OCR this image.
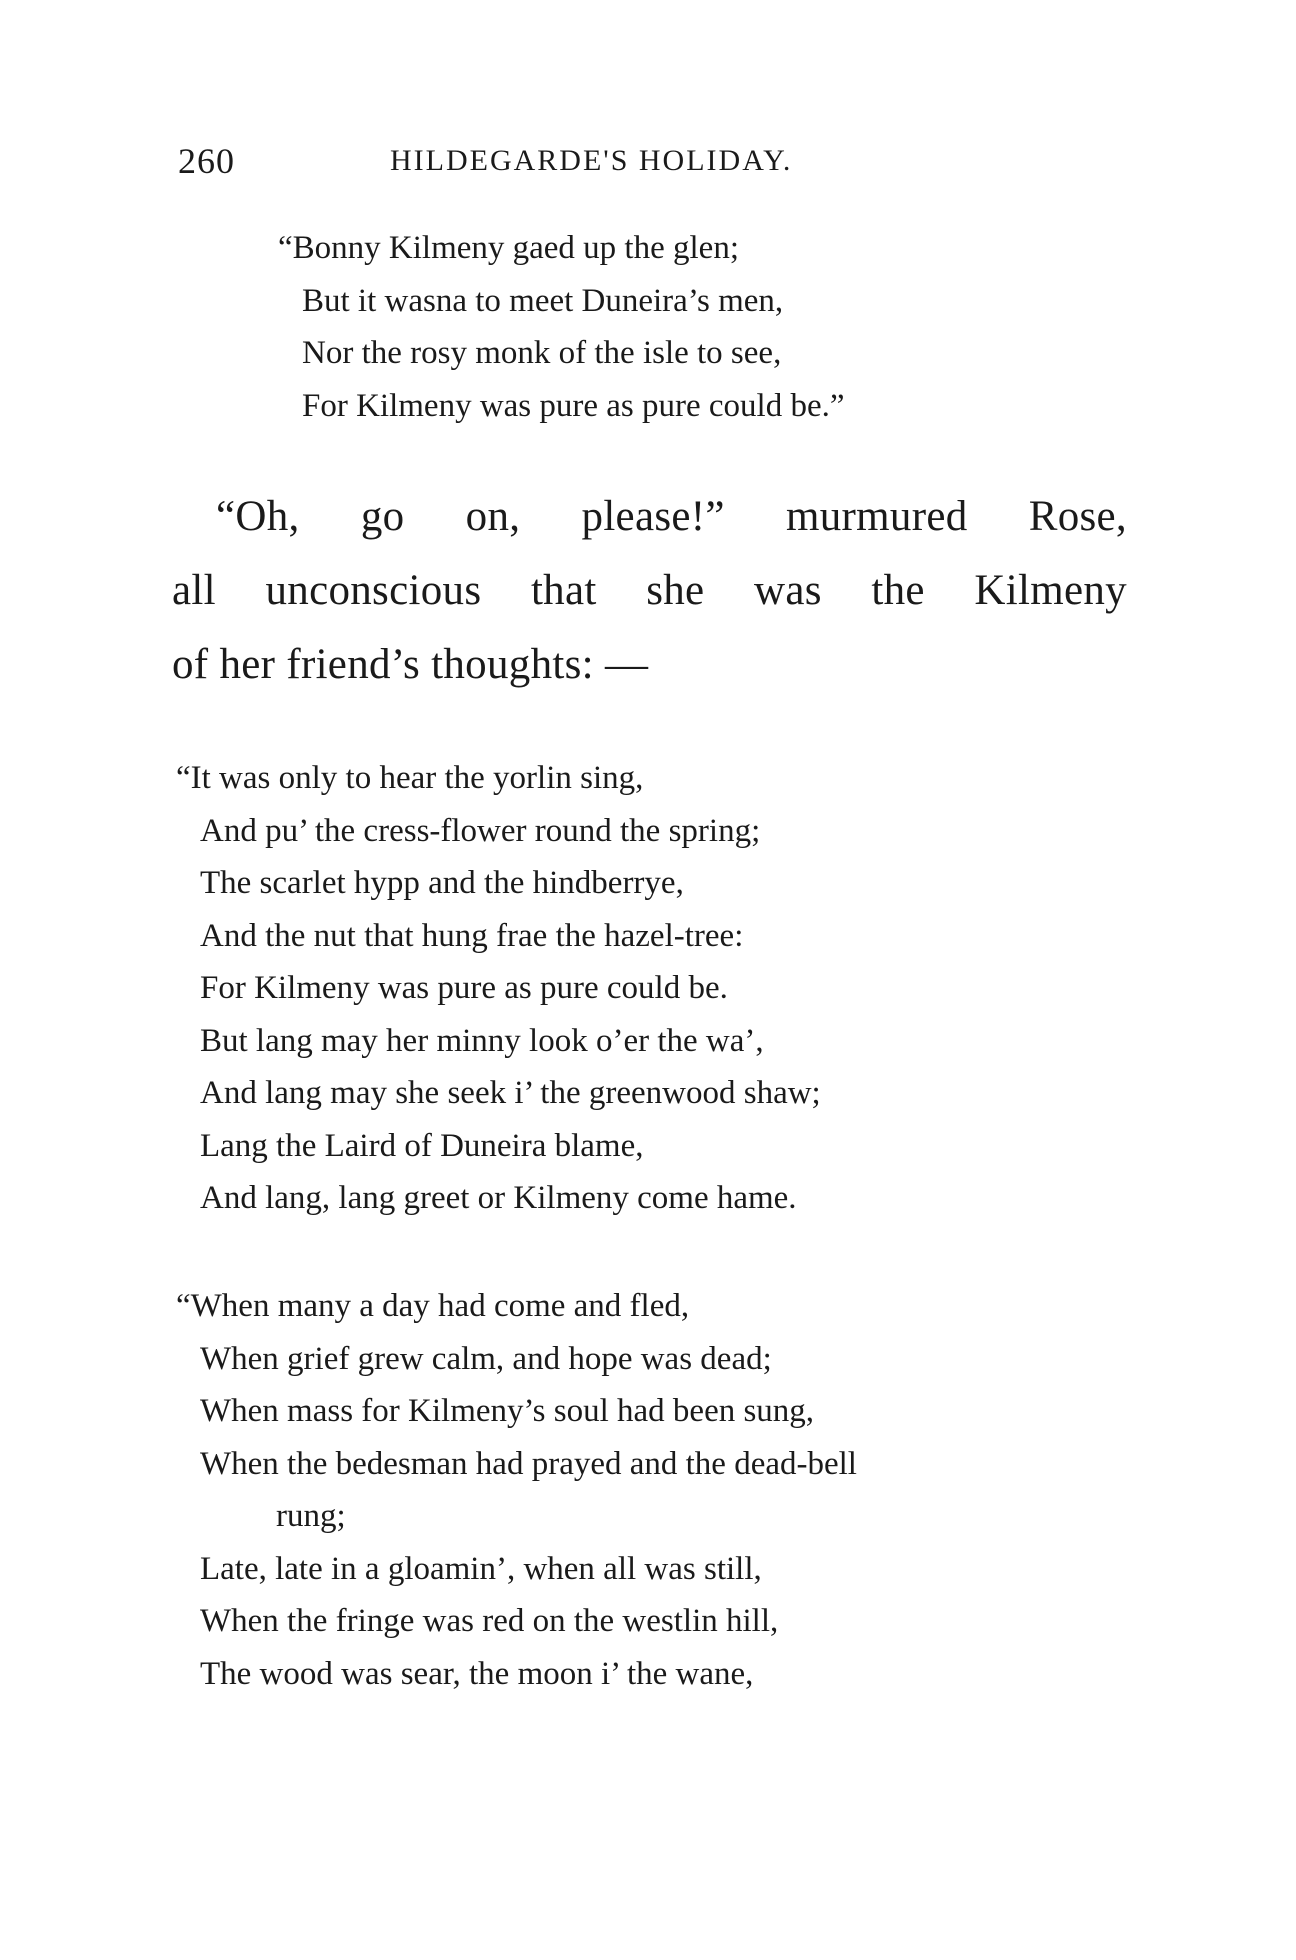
260	HILDEGARDE'S HOLIDAY.
“Bonny Kilmeny gaed up the glen;
But it wasna to meet Duneira’s men,
Nor the rosy monk of the isle to see,
For Kilmeny was pure as pure could be.”
“Oh, go on, please!” murmured Rose,
all unconscious that she was the Kilmeny
of her friend’s thoughts: —
“It was only to hear the yorlin sing,
And pu’ the cress-flower round the spring;
The scarlet hypp and the hindberrye,
And the nut that hung frae the hazel-tree:
For Kilmeny was pure as pure could be.
But lang may her minny look o’er the wa’,
And lang may she seek i’ the greenwood shaw;
Lang the Laird of Duneira blame,
And lang, lang greet or Kilmeny come hame.
“When many a day had come and fled,
When grief grew calm, and hope was dead;
When mass for Kilmeny’s soul had been sung,
When the bedesman had prayed and the dead-bell
rung;
Late, late in a gloamin’, when all was still,
When the fringe was red on the westlin hill,
The wood was sear, the moon i’ the wane,
